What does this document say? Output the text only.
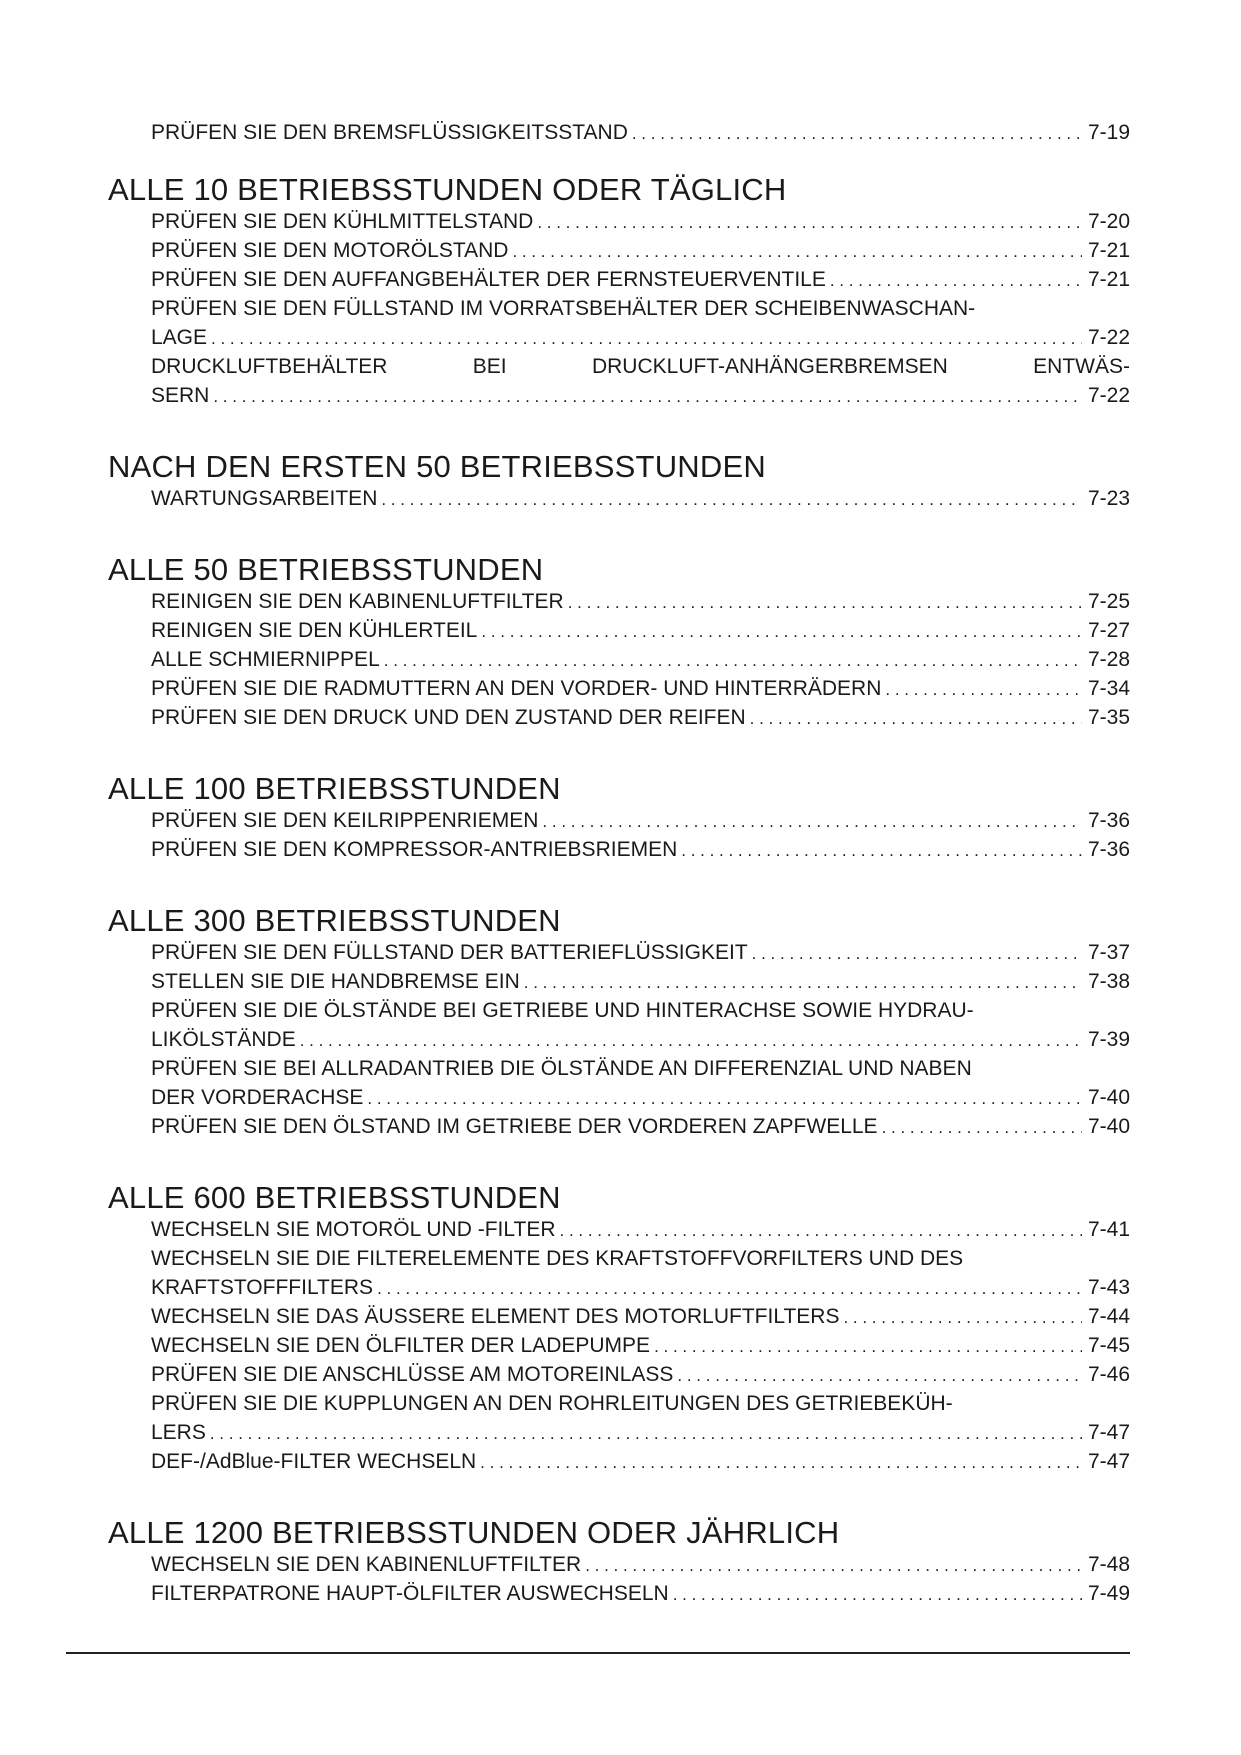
PRÜFEN SIE DEN BREMSFLÜSSIGKEITSSTAND . . .	7-19
ALLE 10 BETRIEBSSTUNDEN ODER TÄGLICH
PRÜFEN SIE DEN KÜHLMITTELSTAND . . .	7-20
PRÜFEN SIE DEN MOTORÖLSTAND . . .	7-21
PRÜFEN SIE DEN AUFFANGBEHÄLTER DER FERNSTEUERVENTILE . . .	7-21
PRÜFEN SIE DEN FÜLLSTAND IM VORRATSBEHÄLTER DER SCHEIBENWASCHAN-
LAGE . . .	7-22
DRUCKLUFTBEHÄLTER	BEI	DRUCKLUFT-ANHÄNGERBREMSEN	ENTWÄS-
SERN . . .	7-22
NACH DEN ERSTEN 50 BETRIEBSSTUNDEN
WARTUNGSARBEITEN . . .	7-23
ALLE 50 BETRIEBSSTUNDEN
REINIGEN SIE DEN KABINENLUFTFILTER . . .	7-25
REINIGEN SIE DEN KÜHLERTEIL . . .	7-27
ALLE SCHMIERNIPPEL . . .	7-28
PRÜFEN SIE DIE RADMUTTERN AN DEN VORDER- UND HINTERRÄDERN . . .	7-34
PRÜFEN SIE DEN DRUCK UND DEN ZUSTAND DER REIFEN . . .	7-35
ALLE 100 BETRIEBSSTUNDEN
PRÜFEN SIE DEN KEILRIPPENRIEMEN . . .	7-36
PRÜFEN SIE DEN KOMPRESSOR-ANTRIEBSRIEMEN . . .	7-36
ALLE 300 BETRIEBSSTUNDEN
PRÜFEN SIE DEN FÜLLSTAND DER BATTERIEFLÜSSIGKEIT . . .	7-37
STELLEN SIE DIE HANDBREMSE EIN . . .	7-38
PRÜFEN SIE DIE ÖLSTÄNDE BEI GETRIEBE UND HINTERACHSE SOWIE HYDRAU-
LIKÖLSTÄNDE . . .	7-39
PRÜFEN SIE BEI ALLRADANTRIEB DIE ÖLSTÄNDE AN DIFFERENZIAL UND NABEN
DER VORDERACHSE . . .	7-40
PRÜFEN SIE DEN ÖLSTAND IM GETRIEBE DER VORDEREN ZAPFWELLE . . .	7-40
ALLE 600 BETRIEBSSTUNDEN
WECHSELN SIE MOTORÖL UND -FILTER . . .	7-41
WECHSELN SIE DIE FILTERELEMENTE DES KRAFTSTOFFVORFILTERS UND DES
KRAFTSTOFFFILTERS . . .	7-43
WECHSELN SIE DAS ÄUSSERE ELEMENT DES MOTORLUFTFILTERS . . .	7-44
WECHSELN SIE DEN ÖLFILTER DER LADEPUMPE . . .	7-45
PRÜFEN SIE DIE ANSCHLÜSSE AM MOTOREINLASS . . .	7-46
PRÜFEN SIE DIE KUPPLUNGEN AN DEN ROHRLEITUNGEN DES GETRIEBEKÜH-
LERS . . .	7-47
DEF-/AdBlue-FILTER WECHSELN . . .	7-47
ALLE 1200 BETRIEBSSTUNDEN ODER JÄHRLICH
WECHSELN SIE DEN KABINENLUFTFILTER . . .	7-48
FILTERPATRONE HAUPT-ÖLFILTER AUSWECHSELN . . .	7-49
